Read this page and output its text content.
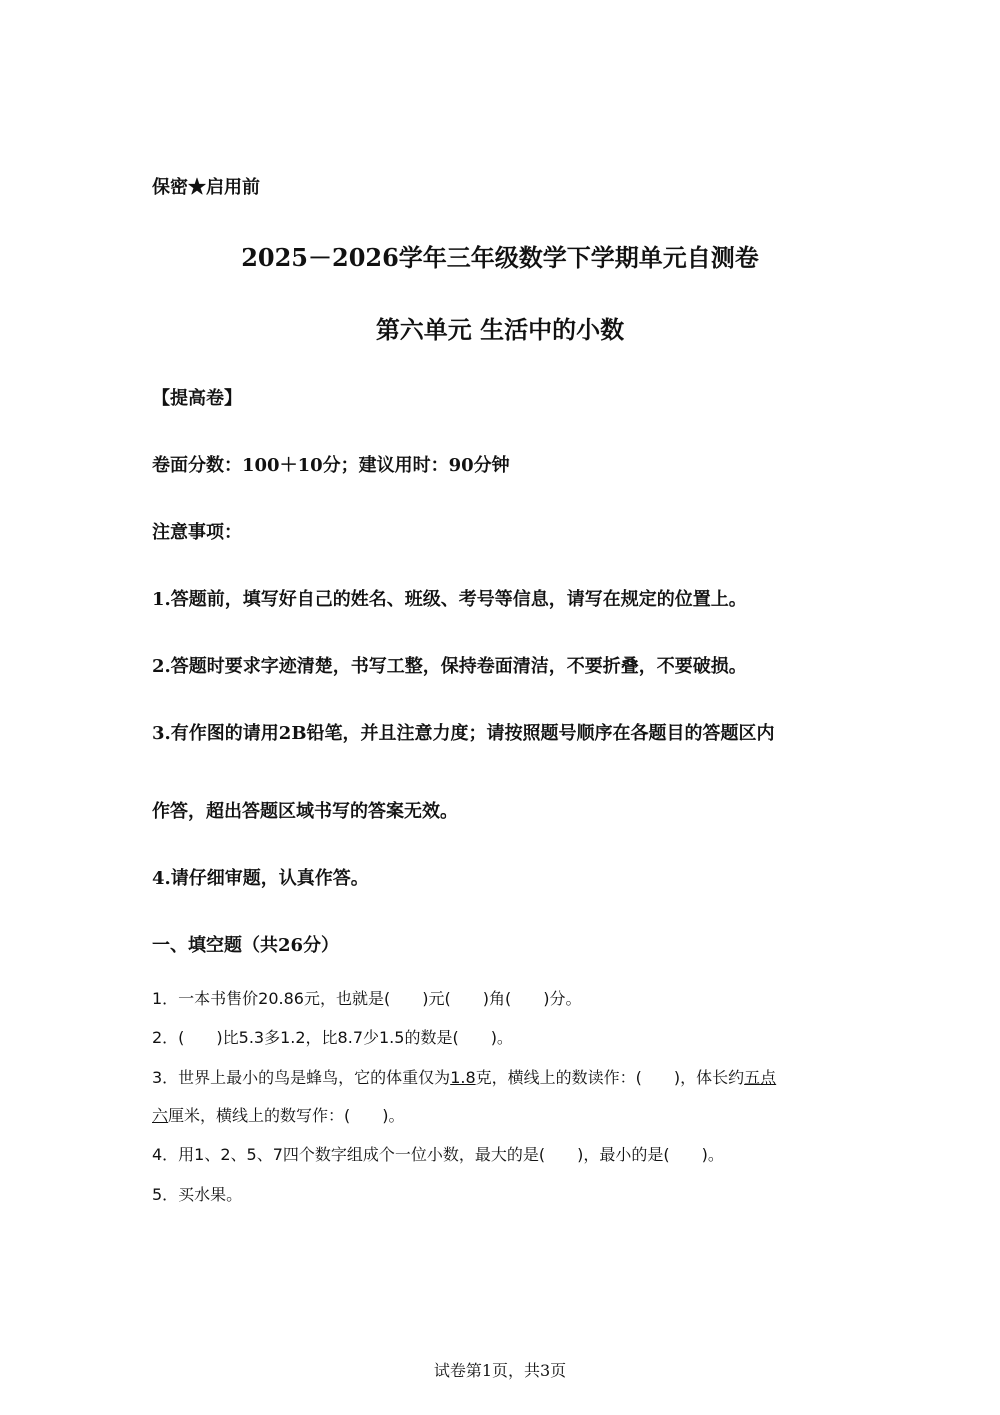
保密★启用前
2025－2026学年三年级数学下学期单元自测卷
第六单元 生活中的小数
【提高卷】
卷面分数：100＋10分；建议用时：90分钟
注意事项：
1.答题前，填写好自己的姓名、班级、考号等信息，请写在规定的位置上。
2.答题时要求字迹清楚，书写工整，保持卷面清洁，不要折叠，不要破损。
3.有作图的请用2B铅笔，并且注意力度；请按照题号顺序在各题目的答题区内
作答，超出答题区域书写的答案无效。
4.请仔细审题，认真作答。
一、填空题（共26分）
1．一本书售价20.86元，也就是(　　)元(　　)角(　　)分。
2．(　　)比5.3多1.2，比8.7少1.5的数是(　　)。
3．世界上最小的鸟是蜂鸟，它的体重仅为1.8克，横线上的数读作：(　　)，体长约五点
六厘米，横线上的数写作：(　　)。
4．用1、2、5、7四个数字组成个一位小数，最大的是(　　)，最小的是(　　)。
5．买水果。
试卷第1页，共3页
